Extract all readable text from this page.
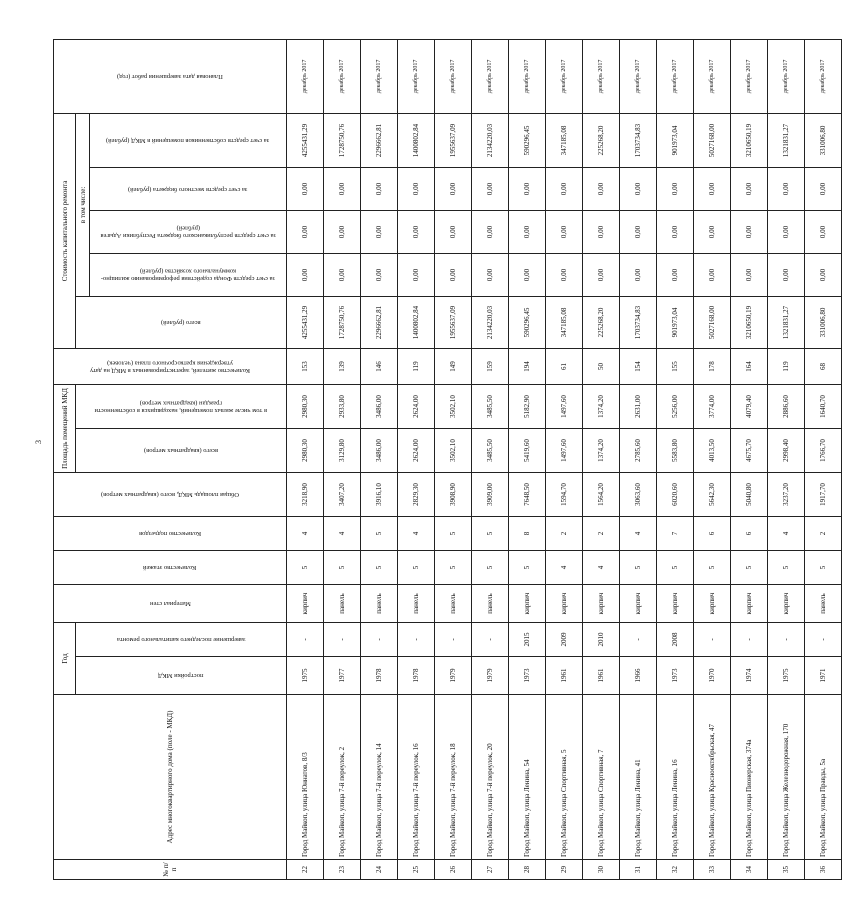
3
№ п/п	Адрес многоквартирного дома (поле - МКД)	Год		Материал стен	Количество этажей	Количество подъездов	Общая площадь МКД, всего (квадратных метров)	Площадь помещений МКД		Количество жителей, зарегистрированных в МКД на дату утверждения краткосрочного плана (человек)	Стоимость капитального ремонта					Плановая дата завершения работ (год)

		постройки МКД	завершение последнего капитального ремонта					всего (квадратных метров)	в том числе жилых помещений, находящихся в собственности граждан (квадратных метров)		всего (рублей)	в том числе:				

												за счет средств Фонда содействия реформированию жилищно-коммунального хозяйства (рублей)	за счет средств республиканского бюджета Республики Адыгея (рублей)	за счет средств местного бюджета (рублей)	за счет средств собственников помещений в МКД (рублей)	

22	Город Майкоп, улица Юннатов, 8/3	1975	-	кирпич	5	4	3218,90	2980,30	2980,30	153	4255431,29	0,00	0,00	0,00	4255431,29	декабрь 2017
23	Город Майкоп, улица 7-й переулок, 2	1977	-	панель	5	4	3407,20	3129,80	2933,80	139	1728750,76	0,00	0,00	0,00	1728750,76	декабрь 2017
24	Город Майкоп, улица 7-й переулок, 14	1978	-	панель	5	5	3916,10	3486,00	3486,00	146	2296662,81	0,00	0,00	0,00	2296662,81	декабрь 2017
25	Город Майкоп, улица 7-й переулок, 16	1978	-	панель	5	4	2829,30	2624,00	2624,00	119	1400802,84	0,00	0,00	0,00	1400802,84	декабрь 2017
26	Город Майкоп, улица 7-й переулок, 18	1979	-	панель	5	5	3908,90	3502,10	3502,10	149	1955637,09	0,00	0,00	0,00	1955637,09	декабрь 2017
27	Город Майкоп, улица 7-й переулок, 20	1979	-	панель	5	5	3909,00	3485,50	3485,50	159	2134220,03	0,00	0,00	0,00	2134220,03	декабрь 2017
28	Город Майкоп, улица Ленина, 54	1973	2015	кирпич	5	8	7648,50	5419,60	5182,90	194	590296,45	0,00	0,00	0,00	590296,45	декабрь 2017
29	Город Майкоп, улица Спортивная, 5	1961	2009	кирпич	4	2	1594,70	1497,60	1497,60	61	347185,08	0,00	0,00	0,00	347185,08	декабрь 2017
30	Город Майкоп, улица Спортивная, 7	1961	2010	кирпич	4	2	1564,20	1374,20	1374,20	50	225268,20	0,00	0,00	0,00	225268,20	декабрь 2017
31	Город Майкоп, улица Ленина, 41	1966	-	кирпич	5	4	3063,60	2785,60	2631,00	154	1703734,83	0,00	0,00	0,00	1703734,83	декабрь 2017
32	Город Майкоп, улица Ленина, 16	1973	2008	кирпич	5	7	6020,60	5583,80	5256,00	155	901973,04	0,00	0,00	0,00	901973,04	декабрь 2017
33	Город Майкоп, улица Краснооктябрьская, 47	1970	-	кирпич	5	6	5642,30	4013,50	3774,00	178	5027168,00	0,00	0,00	0,00	5027168,00	декабрь 2017
34	Город Майкоп, улица Пионерская, 374а	1974	-	кирпич	5	6	5040,80	4675,70	4079,40	164	3210650,19	0,00	0,00	0,00	3210650,19	декабрь 2017
35	Город Майкоп, улица Железнодорожная, 170	1975	-	кирпич	5	4	3237,20	2998,40	2886,60	119	1321831,27	0,00	0,00	0,00	1321831,27	декабрь 2017
36	Город Майкоп, улица Правды, 5а	1971	-	панель	5	2	1917,70	1766,70	1640,70	68	331006,80	0,00	0,00	0,00	331006,80	декабрь 2017
